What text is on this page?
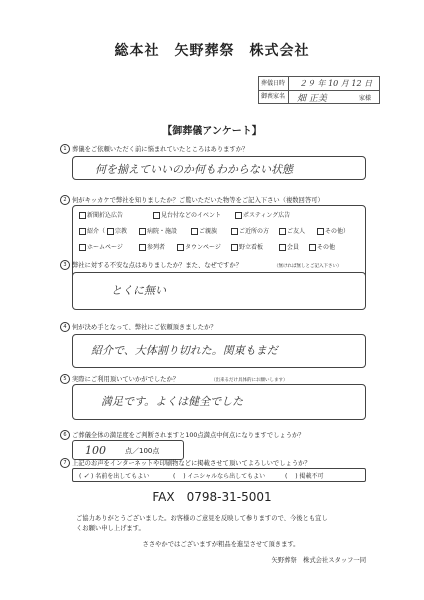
総本社　矢野葬祭　株式会社
葬儀日時	２９ 年 10 月 12 日
御喪家名	畑 正美	家様
【御葬儀アンケート】
1 葬儀をご依頼いただく前に悩まれていたところはありますか？
何を揃えていいのか何もわからない状態
2 何がキッカケで弊社を知りましたか？ご覧いただいた物等をご記入下さい（複数回答可）
新聞折込広告	見台付などのイベント	ポスティング広告
紹介（	宗教	病院・施設	ご親族	ご近所の方	ご友人	その他）
ホームページ	参列者	タウンページ	野立看板	会員	その他
3 弊社に対する不安な点はありましたか？また、なぜですか？	（無ければ無しとご記入下さい）
とくに無い
4 何が決め手となって、弊社にご依頼頂きましたか？
紹介で、大体割り切れた。関東もまだ
5 実際にご利用頂いていかがでしたか？	（出来るだけ具体的にお願いします）
満足です。よくは健全でした
6 ご葬儀全体の満足度をご判断されますと100点満点中何点になりますでしょうか？
100	点／100点
7 上記のお声をインターネットや印刷物などに掲載させて頂いてよろしいでしょうか？
( ✓ ) 名前を出してもよい	(　 ) イニシャルなら出してもよい	(　 ) 掲載不可
FAX　0798-31-5001
ご協力ありがとうございました。お客様のご意見を反映して参りますので、今後とも宜し
くお願い申し上げます。
ささやかではございますが粗品を進呈させて頂きます。
矢野葬祭　株式会社スタッフ一同
